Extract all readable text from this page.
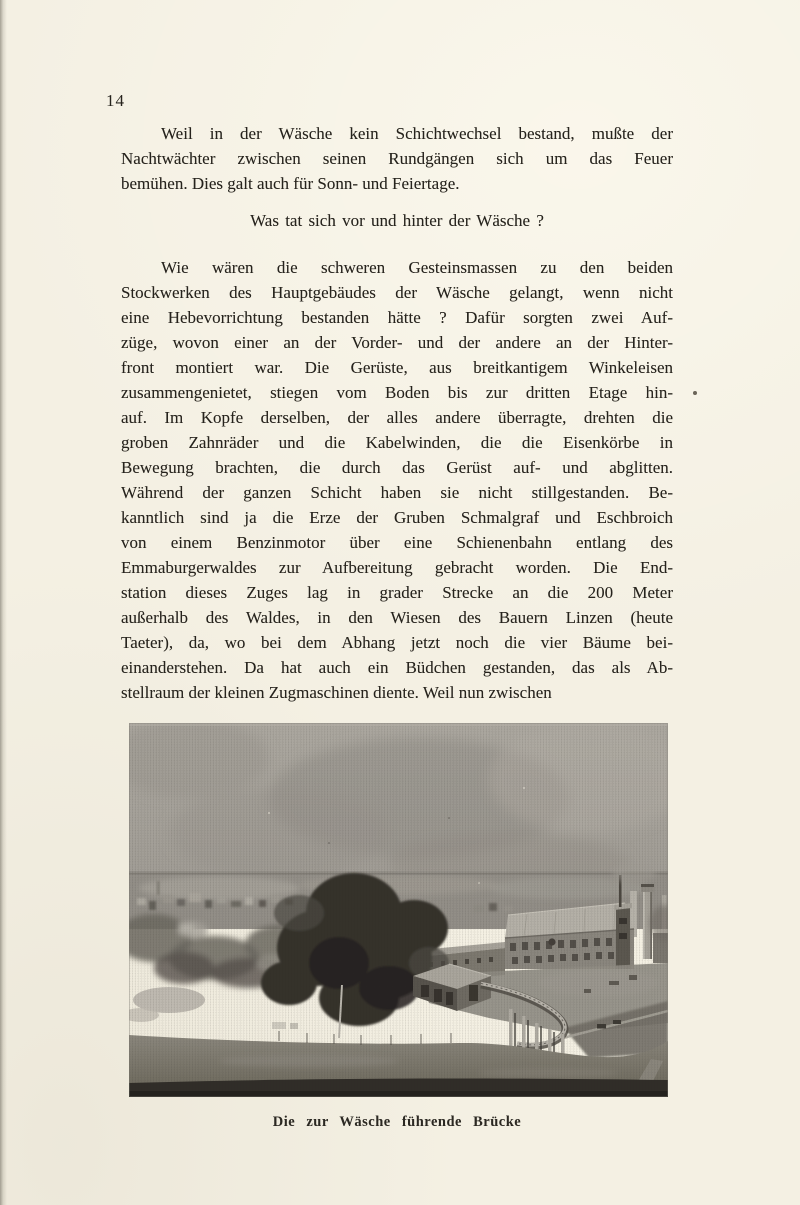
14
Weil in der Wäsche kein Schichtwechsel bestand, mußte der
Nachtwächter zwischen seinen Rundgängen sich um das Feuer
bemühen. Dies galt auch für Sonn- und Feiertage.
Was tat sich vor und hinter der Wäsche ?
Wie wären die schweren Gesteinsmassen zu den beiden
Stockwerken des Hauptgebäudes der Wäsche gelangt, wenn nicht
eine Hebevorrichtung bestanden hätte ? Dafür sorgten zwei Auf-
züge, wovon einer an der Vorder- und der andere an der Hinter-
front montiert war. Die Gerüste, aus breitkantigem Winkeleisen
zusammengenietet, stiegen vom Boden bis zur dritten Etage hin-
auf. Im Kopfe derselben, der alles andere überragte, drehten die
groben Zahnräder und die Kabelwinden, die die Eisenkörbe in
Bewegung brachten, die durch das Gerüst auf- und abglitten.
Während der ganzen Schicht haben sie nicht stillgestanden. Be-
kanntlich sind ja die Erze der Gruben Schmalgraf und Eschbroich
von einem Benzinmotor über eine Schienenbahn entlang des
Emmaburgerwaldes zur Aufbereitung gebracht worden. Die End-
station dieses Zuges lag in grader Strecke an die 200 Meter
außerhalb des Waldes, in den Wiesen des Bauern Linzen (heute
Taeter), da, wo bei dem Abhang jetzt noch die vier Bäume bei-
einanderstehen. Da hat auch ein Büdchen gestanden, das als Ab-
stellraum der kleinen Zugmaschinen diente. Weil nun zwischen
Die zur Wäsche führende Brücke
